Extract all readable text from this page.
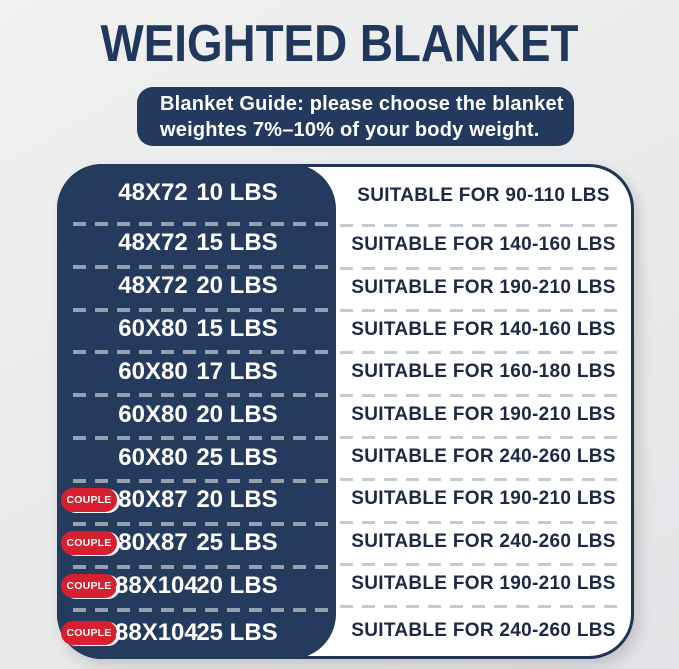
WEIGHTED BLANKET
Blanket Guide: please choose the blanket
weightes 7%–10% of your body weight.
48X72 10 LBS
48X72 15 LBS
48X72 20 LBS
60X80 15 LBS
60X80 17 LBS
60X80 20 LBS
60X80 25 LBS
COUPLE 80X87 20 LBS
COUPLE 80X87 25 LBS
COUPLE 88X104
20 LBS
COUPLE 88X104
25 LBS
SUITABLE FOR 90-110 LBS
SUITABLE FOR 140-160 LBS
SUITABLE FOR 190-210 LBS
SUITABLE FOR 140-160 LBS
SUITABLE FOR 160-180 LBS
SUITABLE FOR 190-210 LBS
SUITABLE FOR 240-260 LBS
SUITABLE FOR 190-210 LBS
SUITABLE FOR 240-260 LBS
SUITABLE FOR 190-210 LBS
SUITABLE FOR 240-260 LBS
